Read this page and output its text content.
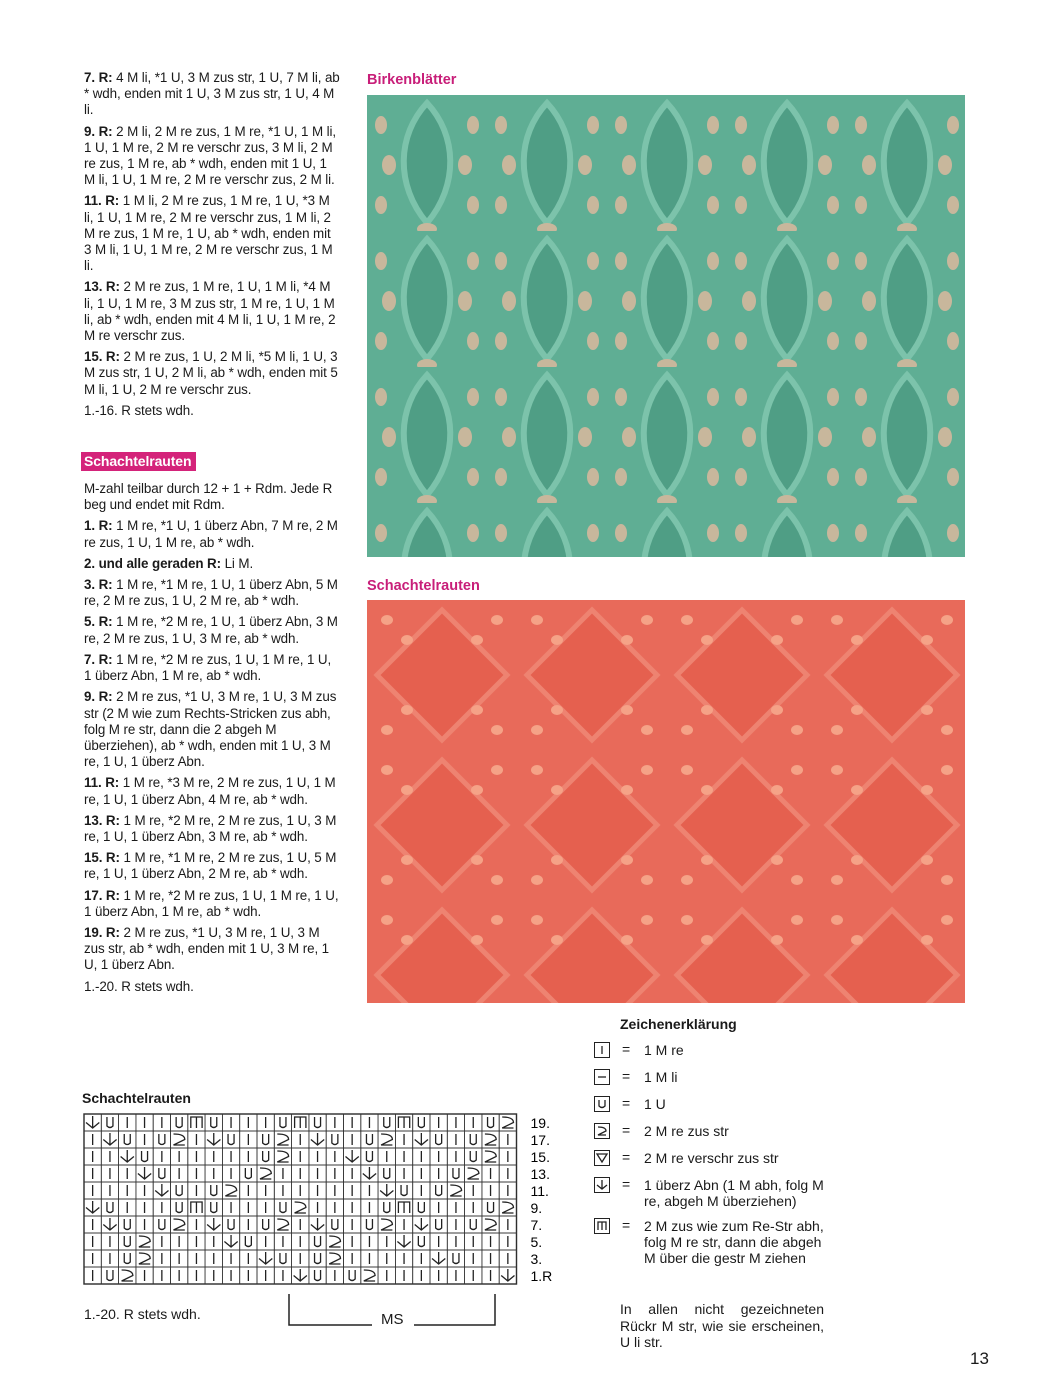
7. R: 4 M li, *1 U, 3 M zus str, 1 U, 7 M li, ab * wdh, enden mit 1 U, 3 M zus str, 1 U, 4 M li.

9. R: 2 M li, 2 M re zus, 1 M re, *1 U, 1 M li, 1 U, 1 M re, 2 M re verschr zus, 3 M li, 2 M re zus, 1 M re, ab * wdh, enden mit 1 U, 1 M li, 1 U, 1 M re, 2 M re verschr zus, 2 M li.

11. R: 1 M li, 2 M re zus, 1 M re, 1 U, *3 M li, 1 U, 1 M re, 2 M re verschr zus, 1 M li, 2 M re zus, 1 M re, 1 U, ab * wdh, enden mit 3 M li, 1 U, 1 M re, 2 M re verschr zus, 1 M li.

13. R: 2 M re zus, 1 M re, 1 U, 1 M li, *4 M li, 1 U, 1 M re, 3 M zus str, 1 M re, 1 U, 1 M li, ab * wdh, enden mit 4 M li, 1 U, 1 M re, 2 M re verschr zus.

15. R: 2 M re zus, 1 U, 2 M li, *5 M li, 1 U, 3 M zus str, 1 U, 2 M li, ab * wdh, enden mit 5 M li, 1 U, 2 M re verschr zus.

1.-16. R stets wdh.

Schachtelrauten

M-zahl teilbar durch 12 + 1 + Rdm. Jede R beg und endet mit Rdm.

1. R: 1 M re, *1 U, 1 überz Abn, 7 M re, 2 M re zus, 1 U, 1 M re, ab * wdh.

2. und alle geraden R: Li M.

3. R: 1 M re, *1 M re, 1 U, 1 überz Abn, 5 M re, 2 M re zus, 1 U, 2 M re, ab * wdh.

5. R: 1 M re, *2 M re, 1 U, 1 überz Abn, 3 M re, 2 M re zus, 1 U, 3 M re, ab * wdh.

7. R: 1 M re, *2 M re zus, 1 U, 1 M re, 1 U, 1 überz Abn, 1 M re, ab * wdh.

9. R: 2 M re zus, *1 U, 3 M re, 1 U, 3 M zus str (2 M wie zum Rechts-Stricken zus abh, folg M re str, dann die 2 abgeh M überziehen), ab * wdh, enden mit 1 U, 3 M re, 1 U, 1 überz Abn.

11. R: 1 M re, *3 M re, 2 M re zus, 1 U, 1 M re, 1 U, 1 überz Abn, 4 M re, ab * wdh.

13. R: 1 M re, *2 M re, 2 M re zus, 1 U, 3 M re, 1 U, 1 überz Abn, 3 M re, ab * wdh.

15. R: 1 M re, *1 M re, 2 M re zus, 1 U, 5 M re, 1 U, 1 überz Abn, 2 M re, ab * wdh.

17. R: 1 M re, *2 M re zus, 1 U, 1 M re, 1 U, 1 überz Abn, 1 M re, ab * wdh.

19. R: 2 M re zus, *1 U, 3 M re, 1 U, 3 M zus str, ab * wdh, enden mit 1 U, 3 M re, 1 U, 1 überz Abn.

1.-20. R stets wdh.

Birkenblätter
Schachtelrauten
Schachtelrauten
19.
17.
15.
13.
11.
9.
7.
5.
3.
1.R
1.-20. R stets wdh.	MS
Zeichenerklärung
= 1 M re
= 1 M li
= 1 U
= 2 M re zus str
= 2 M re verschr zus str
= 1 überz Abn (1 M abh, folg M re, abgeh M überziehen)
= 2 M zus wie zum Re-Str abh, folg M re str, dann die abgeh M über die gestr M ziehen
In allen nicht gezeichneten Rückr M str, wie sie erscheinen, U li str.
13
